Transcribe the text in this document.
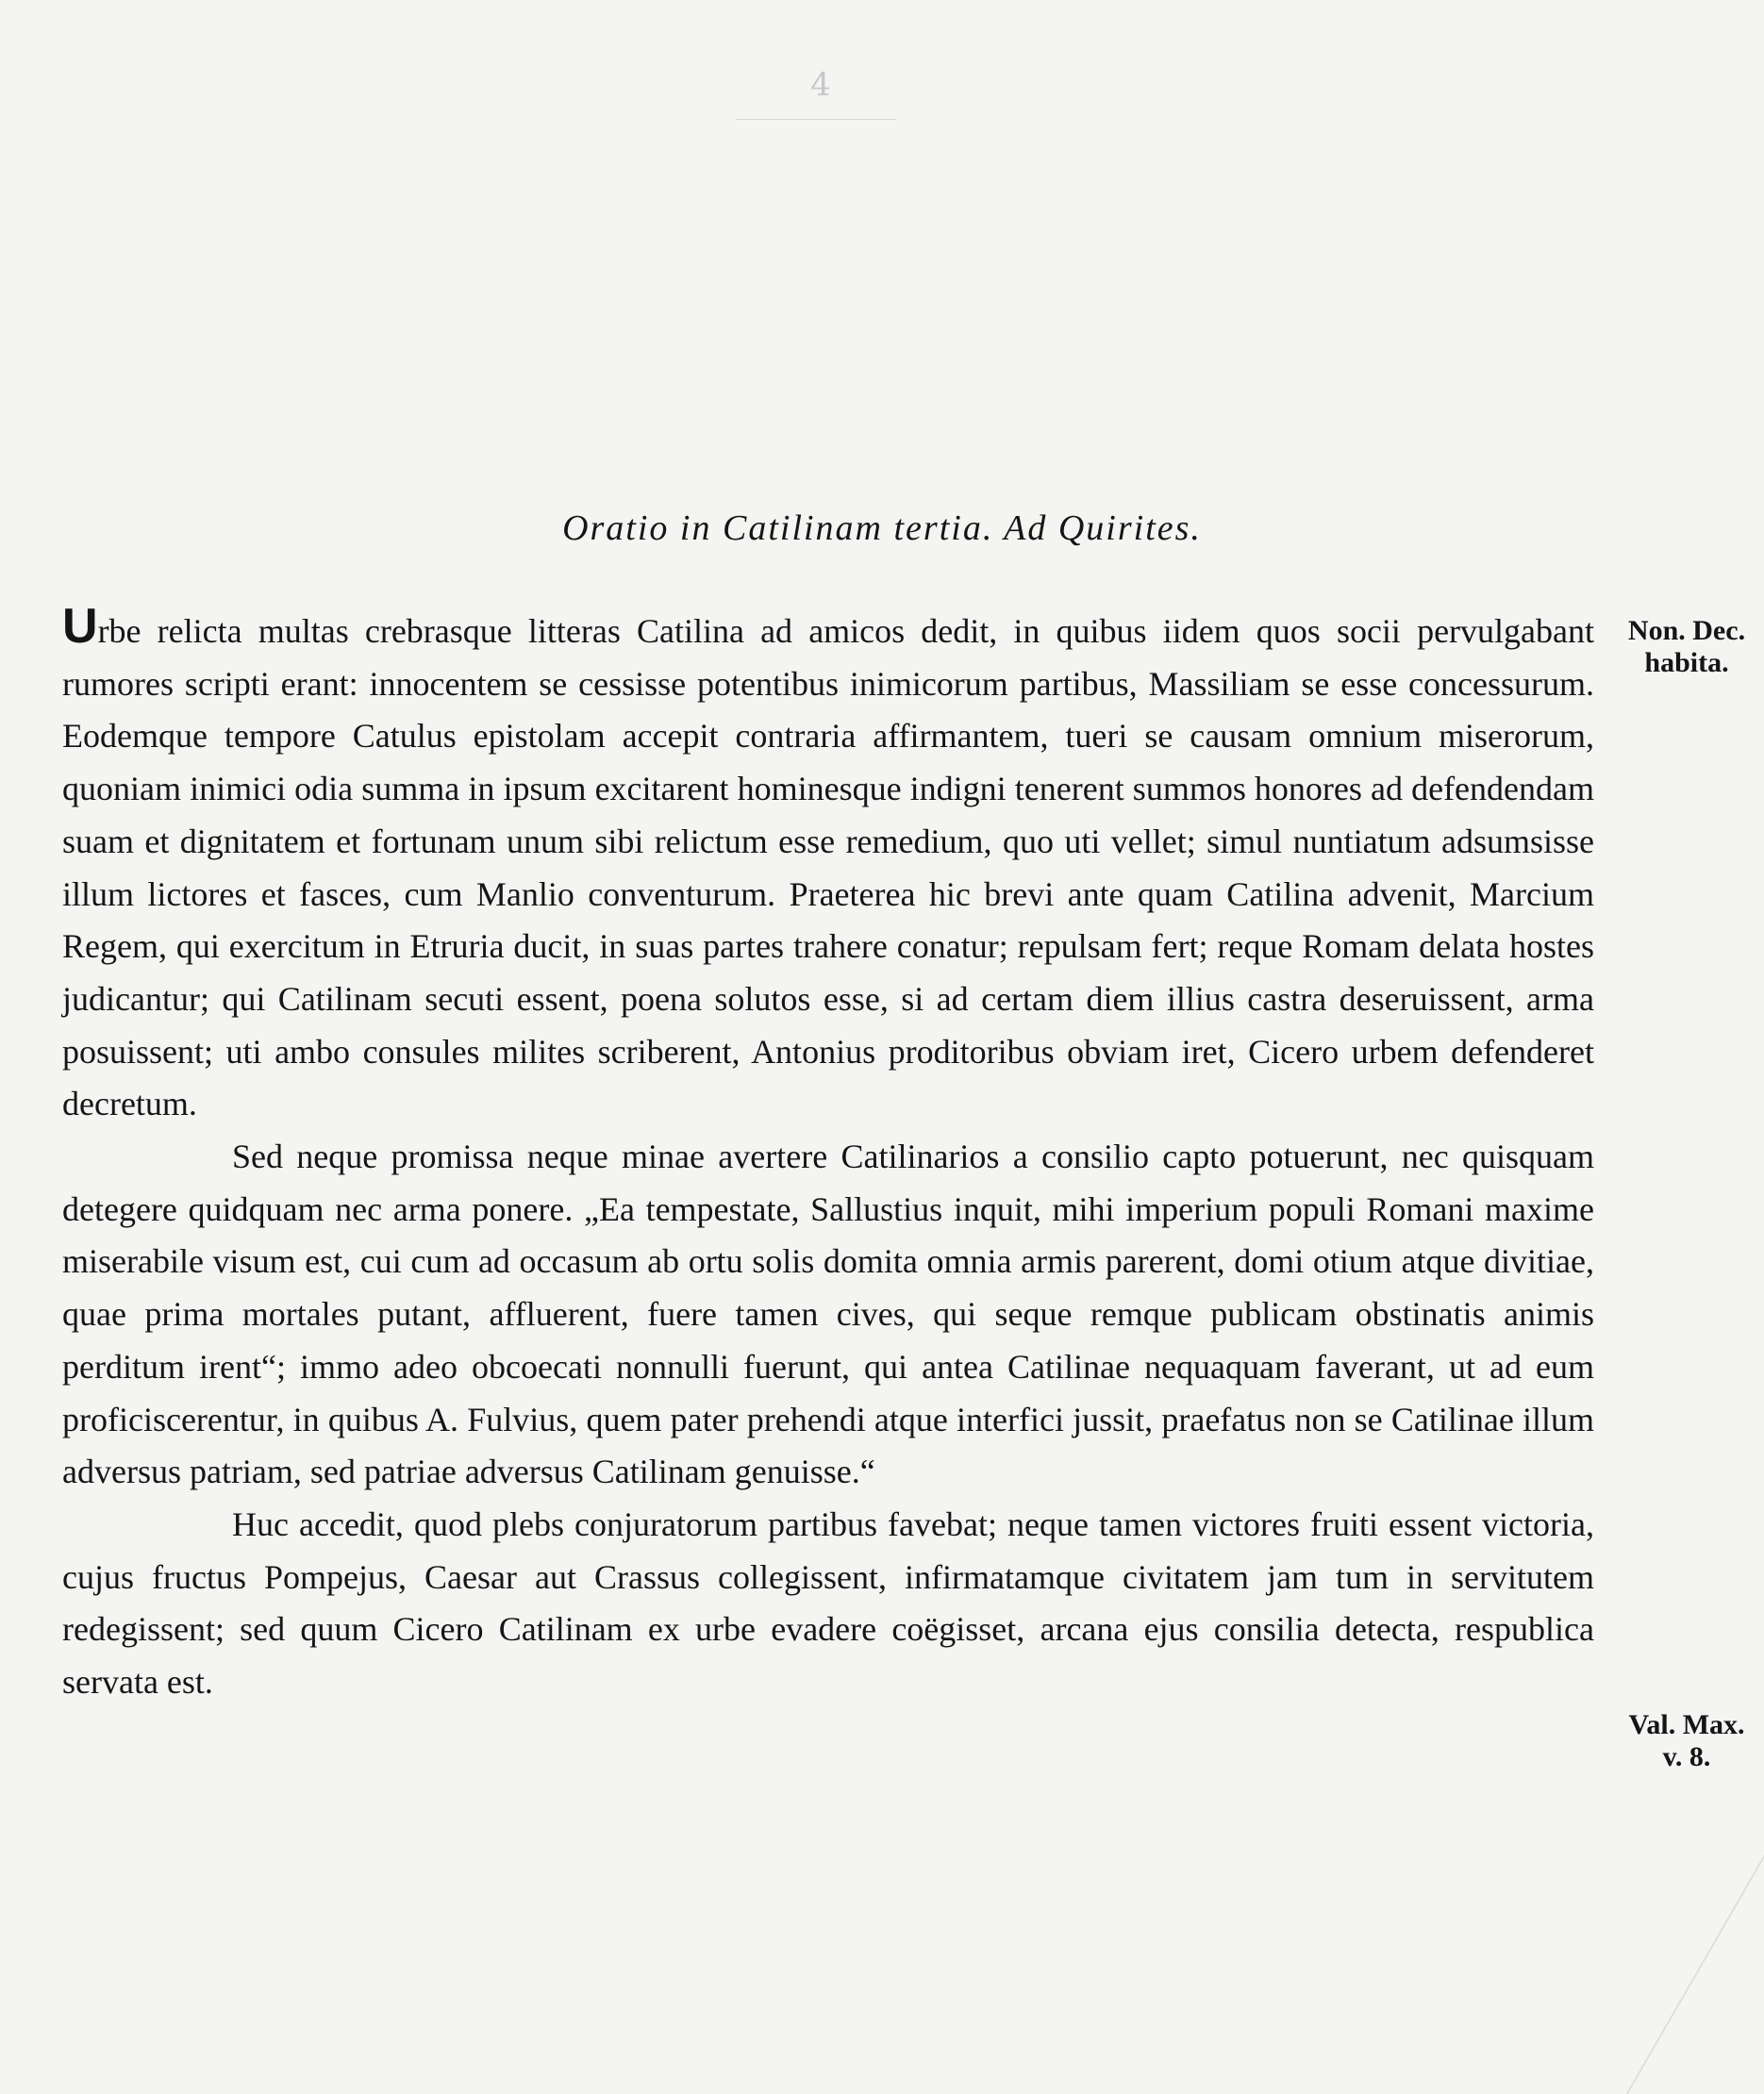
4
Oratio in Catilinam tertia. Ad Quirites.

Urbe relicta multas crebrasque litteras Catilina ad amicos dedit, in quibus iidem quos socii pervulgabant rumores scripti erant: innocentem se cessisse potentibus inimicorum partibus, Massiliam se esse concessurum. Eodemque tempore Catulus epistolam accepit contraria affirmantem, tueri se causam omnium miserorum, quoniam inimici odia summa in ipsum excitarent hominesque indigni tenerent summos honores ad defendendam suam et dignitatem et fortunam unum sibi relictum esse remedium, quo uti vellet; simul nuntiatum adsumsisse illum lictores et fasces, cum Manlio conventurum. Praeterea hic brevi ante quam Catilina advenit, Marcium Regem, qui exercitum in Etruria ducit, in suas partes trahere conatur; repulsam fert; reque Romam delata hostes judicantur; qui Catilinam secuti essent, poena solutos esse, si ad certam diem illius castra deseruissent, arma posuissent; uti ambo consules milites scriberent, Antonius proditoribus obviam iret, Cicero urbem defenderet decretum.

Sed neque promissa neque minae avertere Catilinarios a consilio capto potuerunt, nec quisquam detegere quidquam nec arma ponere. „Ea tempestate, Sallustius inquit, mihi imperium populi Romani maxime miserabile visum est, cui cum ad occasum ab ortu solis domita omnia armis parerent, domi otium atque divitiae, quae prima mortales putant, affluerent, fuere tamen cives, qui seque remque publicam obstinatis animis perditum irent“; immo adeo obcoecati nonnulli fuerunt, qui antea Catilinae nequaquam faverant, ut ad eum proficiscerentur, in quibus A. Fulvius, quem pater prehendi atque interfici jussit, praefatus non se Catilinae illum adversus patriam, sed patriae adversus Catilinam genuisse.“

Huc accedit, quod plebs conjuratorum partibus favebat; neque tamen victores fruiti essent victoria, cujus fructus Pompejus, Caesar aut Crassus collegissent, infirmatamque civitatem jam tum in servitutem redegissent; sed quum Cicero Catilinam ex urbe evadere coëgisset, arcana ejus consilia detecta, respublica servata est.

Non. Dec.
habita.
Val. Max.
v. 8.
